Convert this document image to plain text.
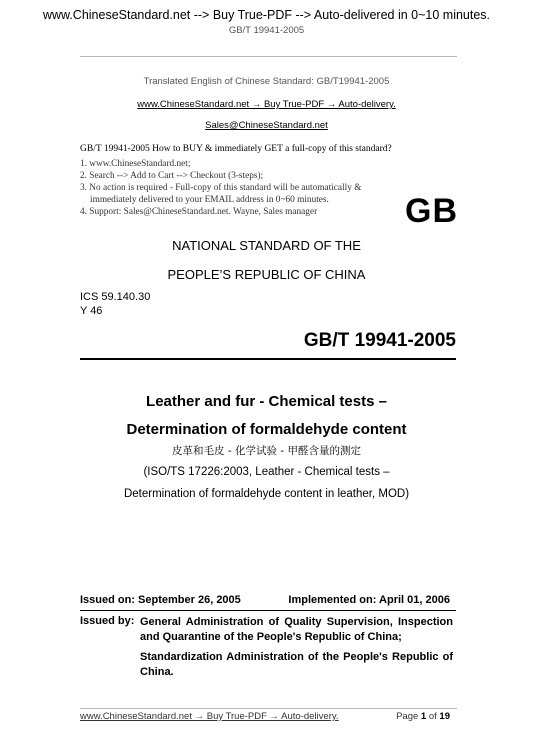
www.ChineseStandard.net --> Buy True-PDF --> Auto-delivered in 0~10 minutes.
GB/T 19941-2005
Translated English of Chinese Standard: GB/T19941-2005
www.ChineseStandard.net → Buy True-PDF → Auto-delivery.
Sales@ChineseStandard.net

GB/T 19941-2005 How to BUY & immediately GET a full-copy of this standard?

1. www.ChineseStandard.net;
2. Search --> Add to Cart --> Checkout (3-steps);
3. No action is required - Full-copy of this standard will be automatically & immediately delivered to your EMAIL address in 0~60 minutes.
4. Support: Sales@ChineseStandard.net. Wayne, Sales manager	GB
NATIONAL STANDARD OF THE
PEOPLE’S REPUBLIC OF CHINA
ICS 59.140.30
Y 46
GB/T 19941-2005
Leather and fur - Chemical tests –
Determination of formaldehyde content
皮革和毛皮 - 化学试验 - 甲醛含量的测定
(ISO/TS 17226:2003, Leather - Chemical tests –
Determination of formaldehyde content in leather, MOD)
Issued on: September 26, 2005	Implemented on: April 01, 2006

Issued by: General Administration of Quality Supervision, Inspection and Quarantine of the People's Republic of China;

Standardization Administration of the People's Republic of China.

www.ChineseStandard.net → Buy True-PDF → Auto-delivery.	Page 1 of 19
